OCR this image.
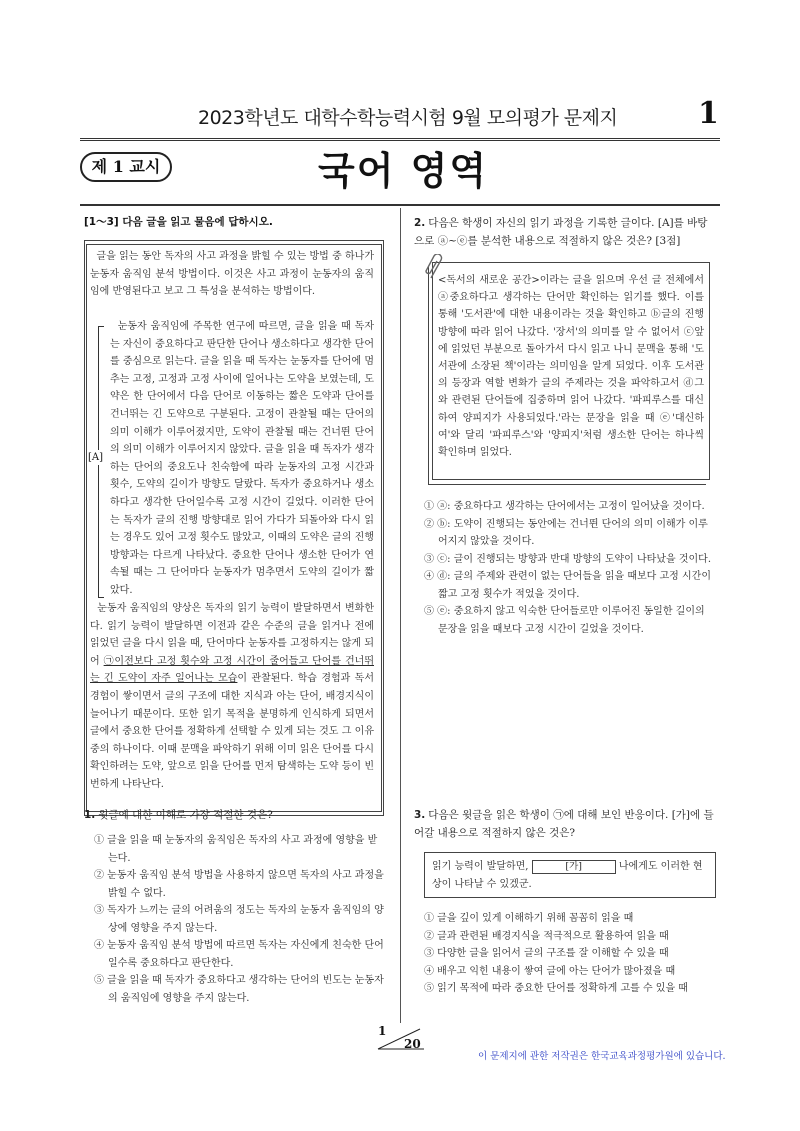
2023학년도 대학수학능력시험 9월 모의평가 문제지	1
제 1 교시	국어 영역
[1～3] 다음 글을 읽고 물음에 답하시오.
글을 읽는 동안 독자의 사고 과정을 밝힐 수 있는 방법 중 하나가 눈동자 움직임 분석 방법이다. 이것은 사고 과정이 눈동자의 움직임에 반영된다고 보고 그 특성을 분석하는 방법이다.
[A]
눈동자 움직임에 주목한 연구에 따르면, 글을 읽을 때 독자는 자신이 중요하다고 판단한 단어나 생소하다고 생각한 단어를 중심으로 읽는다. 글을 읽을 때 독자는 눈동자를 단어에 멈추는 고정, 고정과 고정 사이에 일어나는 도약을 보였는데, 도약은 한 단어에서 다음 단어로 이동하는 짧은 도약과 단어를 건너뛰는 긴 도약으로 구분된다. 고정이 관찰될 때는 단어의 의미 이해가 이루어졌지만, 도약이 관찰될 때는 건너뛴 단어의 의미 이해가 이루어지지 않았다. 글을 읽을 때 독자가 생각하는 단어의 중요도나 친숙함에 따라 눈동자의 고정 시간과 횟수, 도약의 길이가 방향도 달랐다. 독자가 중요하거나 생소하다고 생각한 단어일수록 고정 시간이 길었다. 이러한 단어는 독자가 글의 진행 방향대로 읽어 가다가 되돌아와 다시 읽는 경우도 있어 고정 횟수도 많았고, 이때의 도약은 글의 진행 방향과는 다르게 나타났다. 중요한 단어나 생소한 단어가 연속될 때는 그 단어마다 눈동자가 멈추면서 도약의 길이가 짧았다.
눈동자 움직임의 양상은 독자의 읽기 능력이 발달하면서 변화한다. 읽기 능력이 발달하면 이전과 같은 수준의 글을 읽거나 전에 읽었던 글을 다시 읽을 때, 단어마다 눈동자를 고정하지는 않게 되어 ㉠이전보다 고정 횟수와 고정 시간이 줄어들고 단어를 건너뛰는 긴 도약이 자주 일어나는 모습이 관찰된다. 학습 경험과 독서 경험이 쌓이면서 글의 구조에 대한 지식과 아는 단어, 배경지식이 늘어나기 때문이다. 또한 읽기 목적을 분명하게 인식하게 되면서 글에서 중요한 단어를 정확하게 선택할 수 있게 되는 것도 그 이유 중의 하나이다. 이때 문맥을 파악하기 위해 이미 읽은 단어를 다시 확인하려는 도약, 앞으로 읽을 단어를 먼저 탐색하는 도약 등이 빈번하게 나타난다.
1. 윗글에 대한 이해로 가장 적절한 것은?
① 글을 읽을 때 눈동자의 움직임은 독자의 사고 과정에 영향을 받는다.
② 눈동자 움직임 분석 방법을 사용하지 않으면 독자의 사고 과정을 밝힐 수 없다.
③ 독자가 느끼는 글의 어려움의 정도는 독자의 눈동자 움직임의 양상에 영향을 주지 않는다.
④ 눈동자 움직임 분석 방법에 따르면 독자는 자신에게 친숙한 단어일수록 중요하다고 판단한다.
⑤ 글을 읽을 때 독자가 중요하다고 생각하는 단어의 빈도는 눈동자의 움직임에 영향을 주지 않는다.
2. 다음은 학생이 자신의 읽기 과정을 기록한 글이다. [A]를 바탕으로 ⓐ~ⓔ를 분석한 내용으로 적절하지 않은 것은? [3점]
<독서의 새로운 공간>이라는 글을 읽으며 우선 글 전체에서 ⓐ중요하다고 생각하는 단어만 확인하는 읽기를 했다. 이를 통해 '도서관'에 대한 내용이라는 것을 확인하고 ⓑ글의 진행 방향에 따라 읽어 나갔다. '장서'의 의미를 알 수 없어서 ⓒ앞에 읽었던 부분으로 돌아가서 다시 읽고 나니 문맥을 통해 '도서관에 소장된 책'이라는 의미임을 알게 되었다. 이후 도서관의 등장과 역할 변화가 글의 주제라는 것을 파악하고서 ⓓ그와 관련된 단어들에 집중하며 읽어 나갔다. '파피루스를 대신하여 양피지가 사용되었다.'라는 문장을 읽을 때 ⓔ'대신하여'와 달리 '파피루스'와 '양피지'처럼 생소한 단어는 하나씩 확인하며 읽었다.
① ⓐ: 중요하다고 생각하는 단어에서는 고정이 일어났을 것이다.
② ⓑ: 도약이 진행되는 동안에는 건너뛴 단어의 의미 이해가 이루어지지 않았을 것이다.
③ ⓒ: 글이 진행되는 방향과 반대 방향의 도약이 나타났을 것이다.
④ ⓓ: 글의 주제와 관련이 없는 단어들을 읽을 때보다 고정 시간이 짧고 고정 횟수가 적었을 것이다.
⑤ ⓔ: 중요하지 않고 익숙한 단어들로만 이루어진 동일한 길이의 문장을 읽을 때보다 고정 시간이 길었을 것이다.
3. 다음은 윗글을 읽은 학생이 ㉠에 대해 보인 반응이다. [가]에 들어갈 내용으로 적절하지 않은 것은?
읽기 능력이 발달하면,	[가]	나에게도 이러한 현상이 나타날 수 있겠군.
① 글을 깊이 있게 이해하기 위해 꼼꼼히 읽을 때
② 글과 관련된 배경지식을 적극적으로 활용하여 읽을 때
③ 다양한 글을 읽어서 글의 구조를 잘 이해할 수 있을 때
④ 배우고 익힌 내용이 쌓여 글에 아는 단어가 많아졌을 때
⑤ 읽기 목적에 따라 중요한 단어를 정확하게 고를 수 있을 때
1
20
이 문제지에 관한 저작권은 한국교육과정평가원에 있습니다.
